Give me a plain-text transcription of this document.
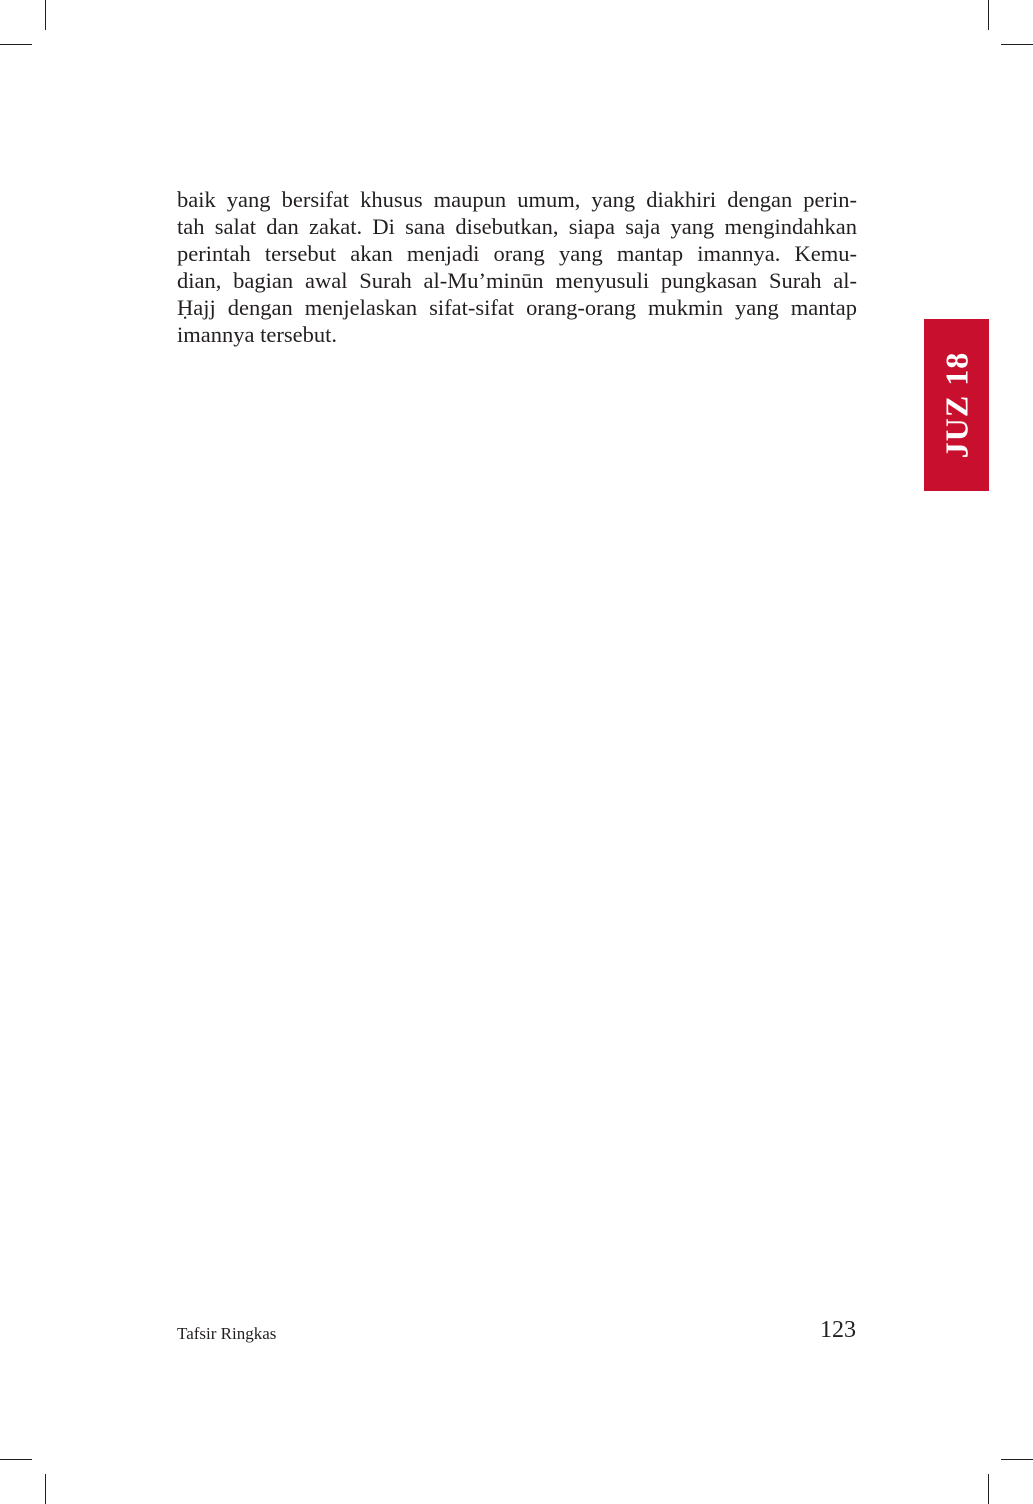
baik yang bersifat khusus maupun umum, yang diakhiri dengan perin-
tah salat dan zakat. Di sana disebutkan, siapa saja yang mengindahkan
perintah tersebut akan menjadi orang yang mantap imannya. Kemu-
dian, bagian awal Surah al-Mu’minūn menyusuli pungkasan Surah al-
Ḥajj dengan menjelaskan sifat-sifat orang-orang mukmin yang mantap
imannya tersebut.
JUZ 18
Tafsir Ringkas	123
